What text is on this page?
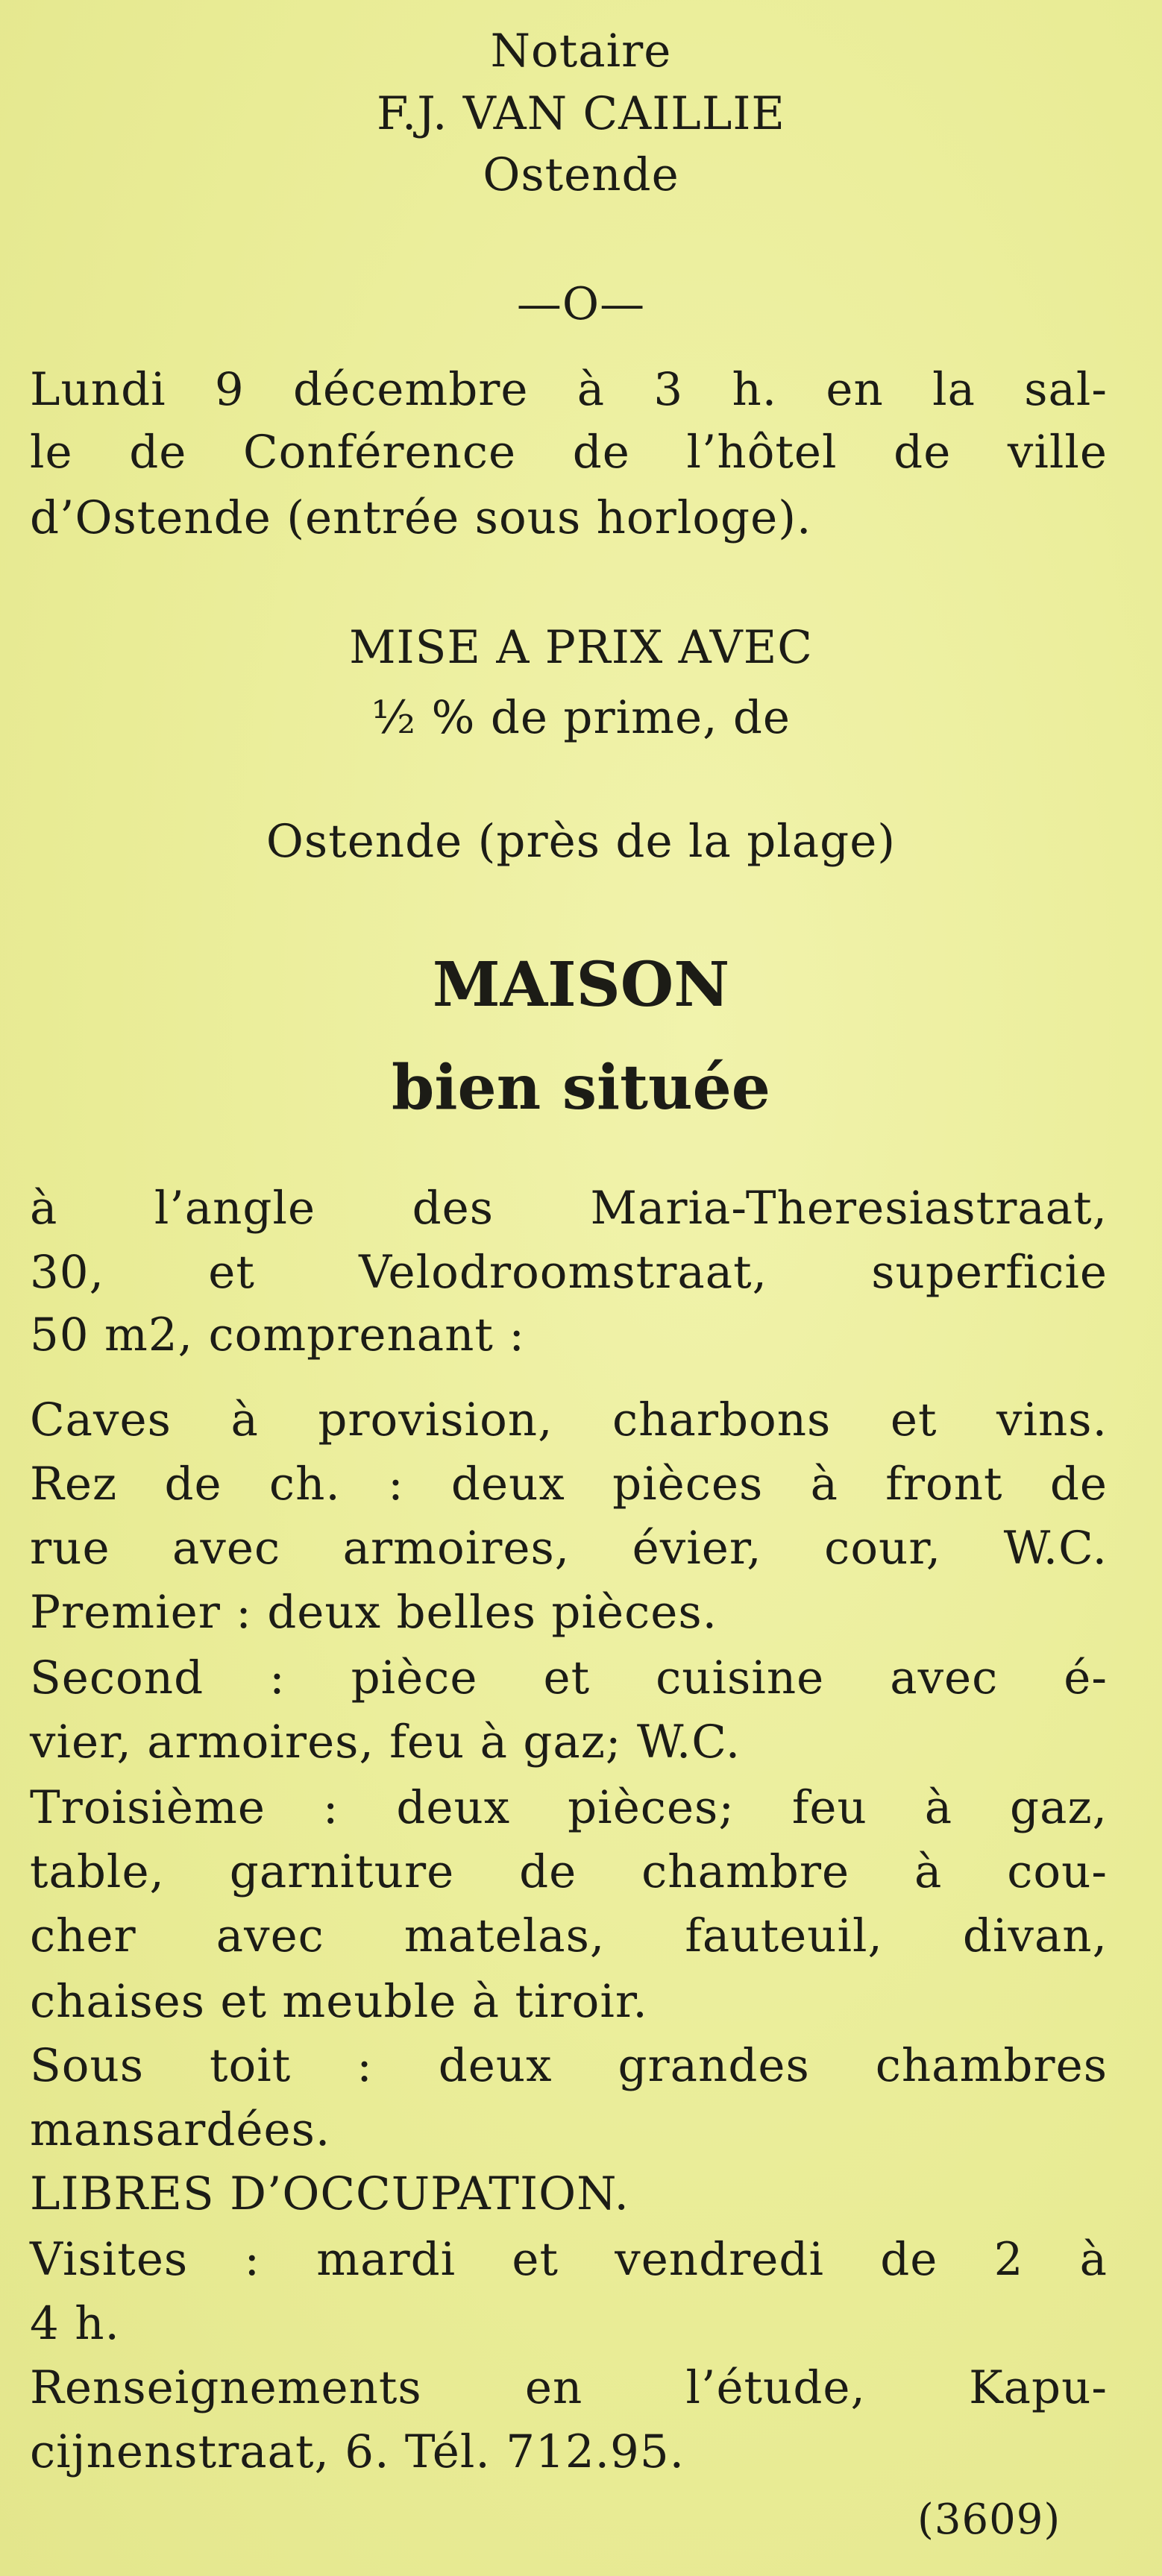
Notaire
F.J. VAN CAILLIE
Ostende
—O—
Lundi 9 décembre à 3 h. en la sal-
le de Conférence de l’hôtel de ville
d’Ostende (entrée sous horloge).
MISE A PRIX AVEC
½ % de prime, de
Ostende (près de la plage)
MAISON
bien située
à l’angle des Maria-Theresiastraat,
30, et Velodroomstraat, superficie
50 m2, comprenant :
Caves à provision, charbons et vins.
Rez de ch. : deux pièces à front de
rue avec armoires, évier, cour, W.C.
Premier : deux belles pièces.
Second : pièce et cuisine avec é-
vier, armoires, feu à gaz; W.C.
Troisième : deux pièces; feu à gaz,
table, garniture de chambre à cou-
cher avec matelas, fauteuil, divan,
chaises et meuble à tiroir.
Sous toit : deux grandes chambres
mansardées.
LIBRES D’OCCUPATION.
Visites : mardi et vendredi de 2 à
4 h.
Renseignements en l’étude, Kapu-
cijnenstraat, 6. Tél. 712.95.
(3609)
